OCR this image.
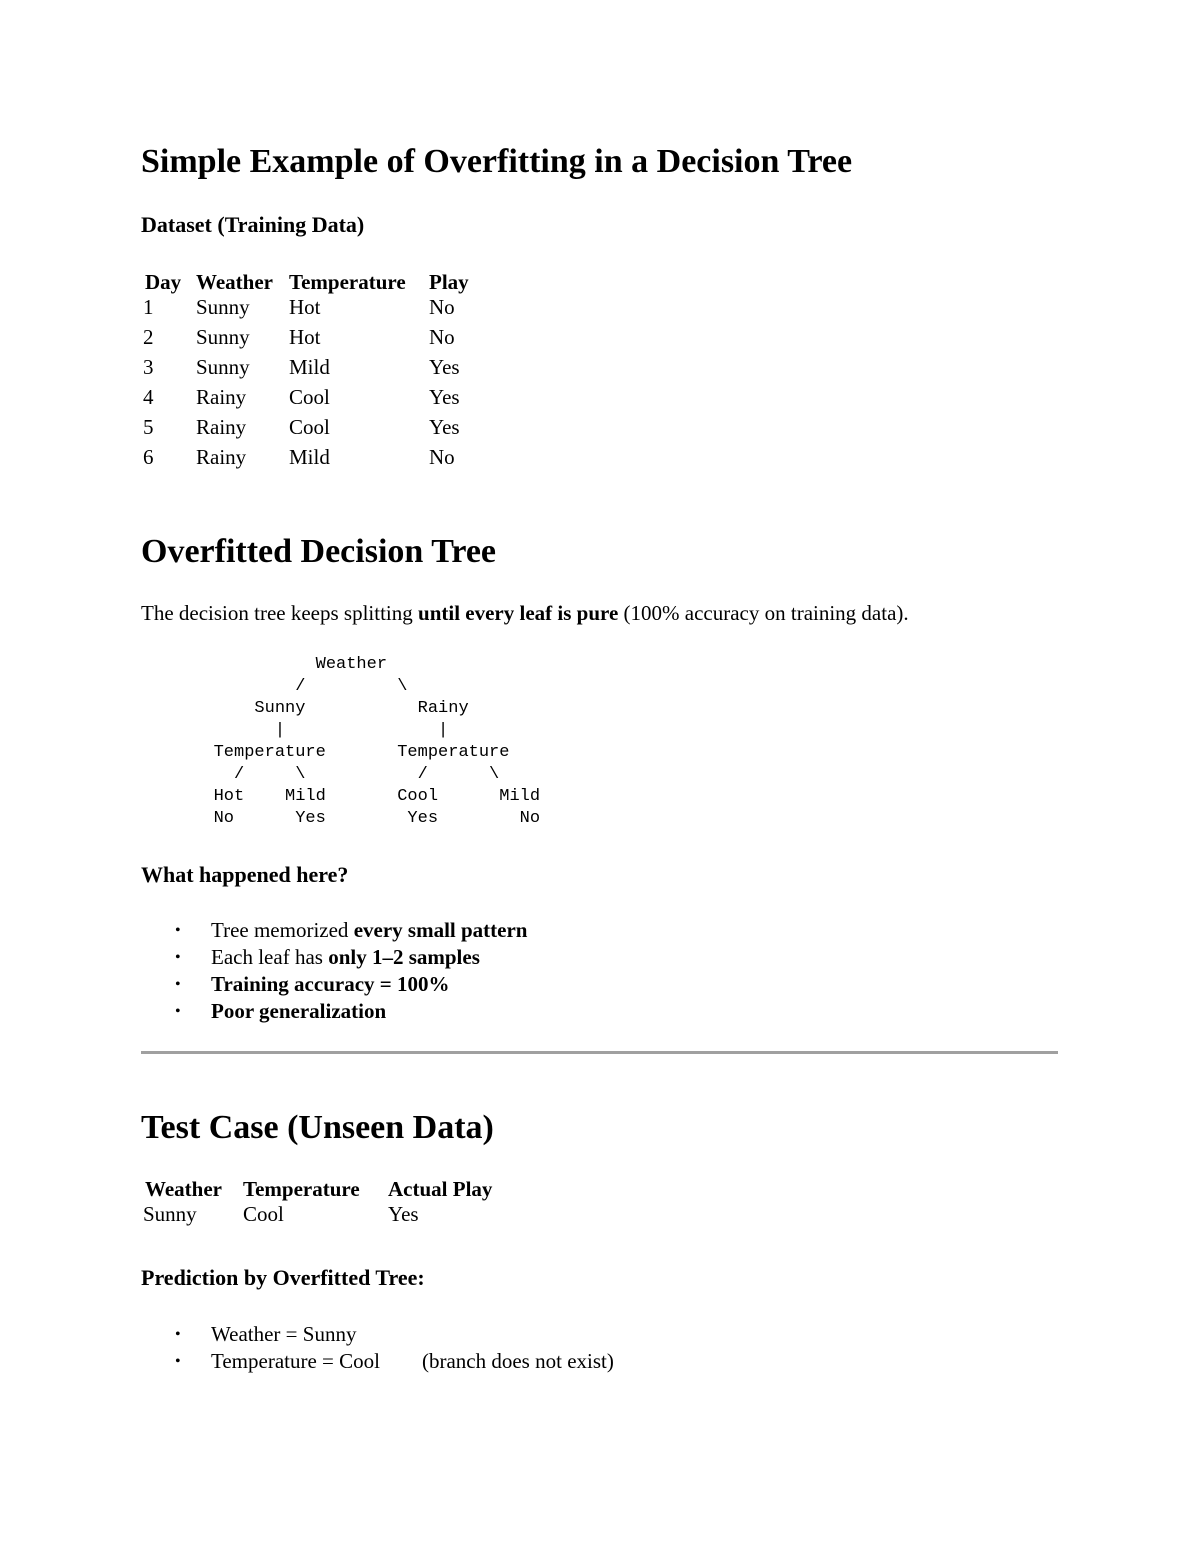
Simple Example of Overfitting in a Decision Tree
Dataset (Training Data)
Day	Weather	Temperature	Play
1	Sunny	Hot	No
2	Sunny	Hot	No
3	Sunny	Mild	Yes
4	Rainy	Cool	Yes
5	Rainy	Cool	Yes
6	Rainy	Mild	No
Overfitted Decision Tree
The decision tree keeps splitting until every leaf is pure (100% accuracy on training data).
Weather
/         \
Sunny           Rainy
|               |
Temperature       Temperature
/     \           /      \
Hot    Mild       Cool      Mild
No      Yes        Yes        No
What happened here?
• Tree memorized every small pattern
• Each leaf has only 1–2 samples
• Training accuracy = 100%
• Poor generalization
Test Case (Unseen Data)
Weather	Temperature	Actual Play
Sunny	Cool	Yes
Prediction by Overfitted Tree:
• Weather = Sunny
• Temperature = Cool (branch does not exist)
